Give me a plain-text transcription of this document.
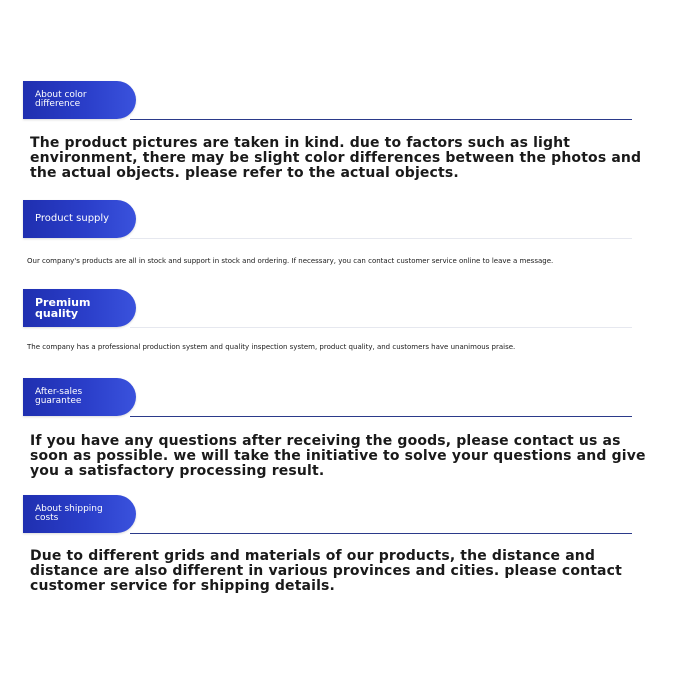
About color
difference
The product pictures are taken in kind. due to factors such as light environment, there may be slight color differences between the photos and the actual objects. please refer to the actual objects.
Product supply
Our company's products are all in stock and support in stock and ordering. If necessary, you can contact customer service online to leave a message.
Premium
quality
The company has a professional production system and quality inspection system, product quality, and customers have unanimous praise.
After-sales
guarantee
If you have any questions after receiving the goods, please contact us as soon as possible. we will take the initiative to solve your questions and give you a satisfactory processing result.
About shipping
costs
Due to different grids and materials of our products, the distance and distance are also different in various provinces and cities. please contact customer service for shipping details.
